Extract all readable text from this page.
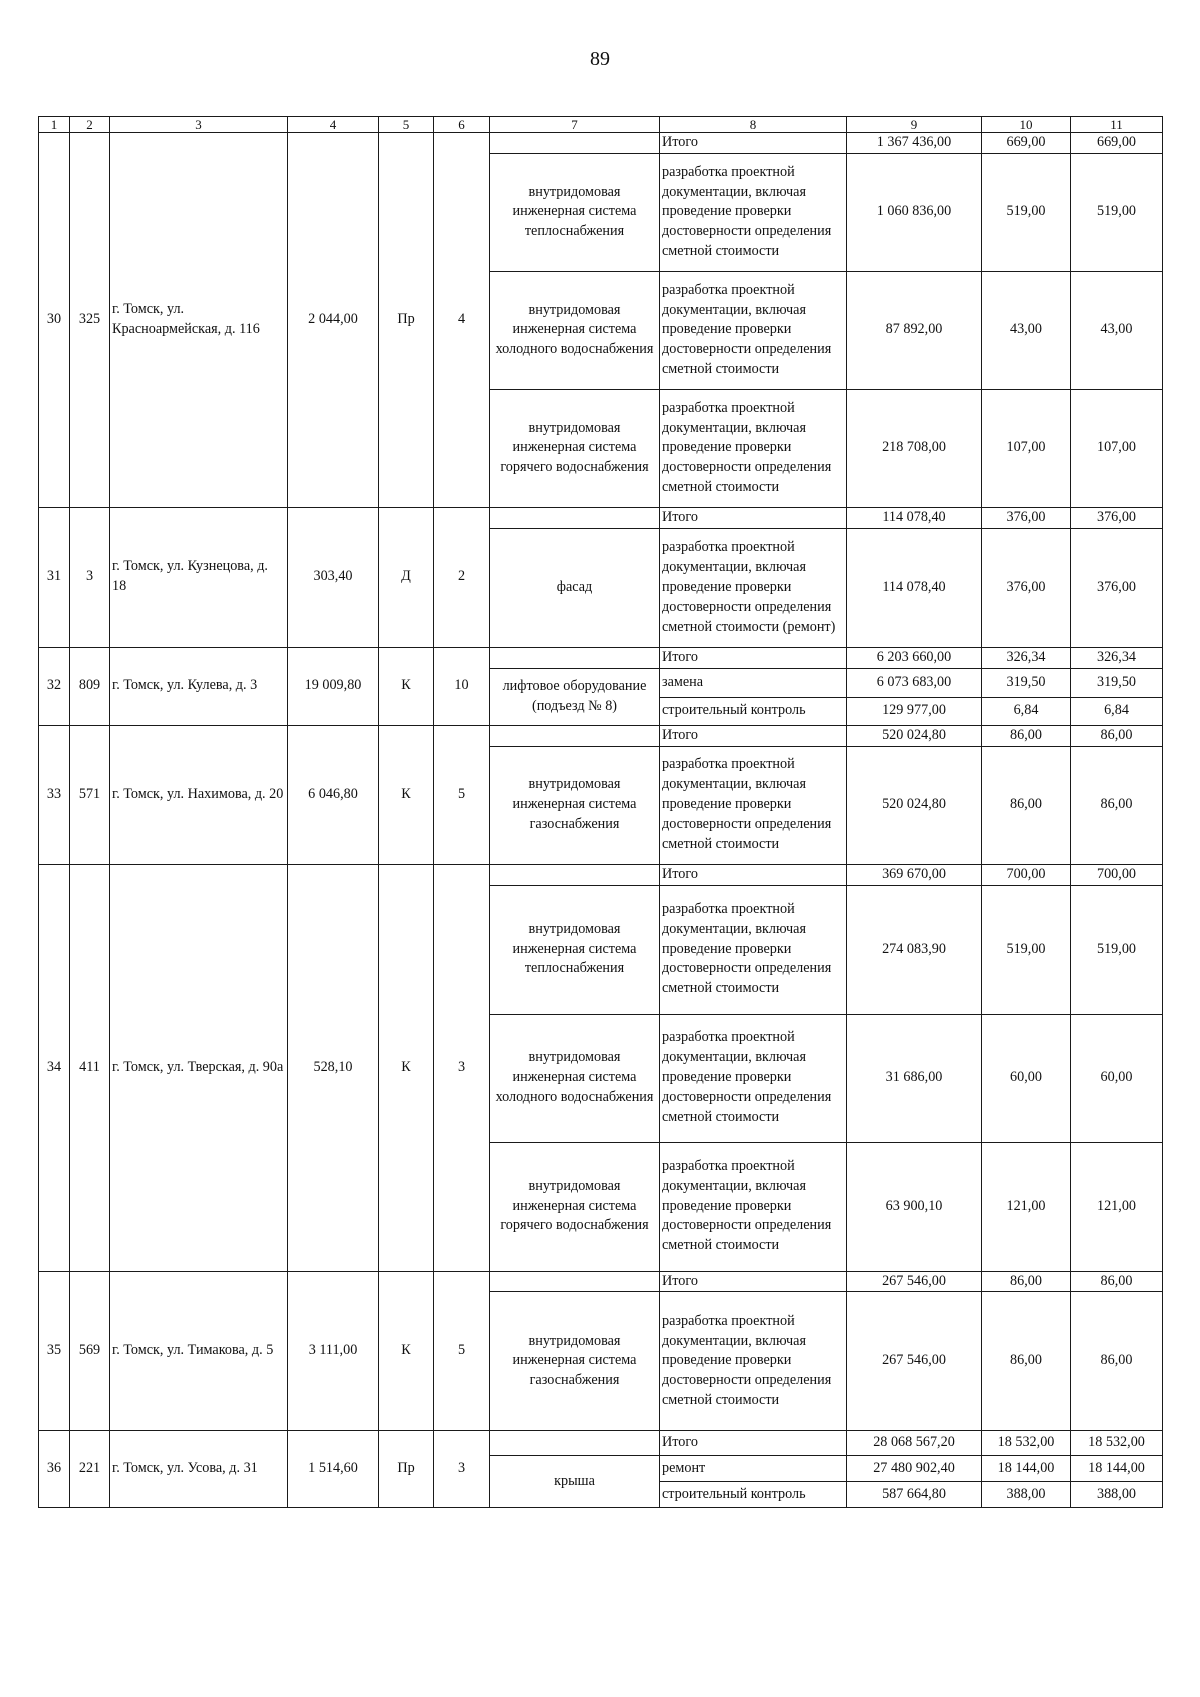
89
1	2	3	4	5	6	7	8	9	10	11
30	325	г. Томск, ул. Красноармейская, д. 116	2 044,00	Пр	4		Итого	1 367 436,00	669,00	669,00
						внутридомовая инженерная система теплоснабжения	разработка проектной документации, включая проведение проверки достоверности определения сметной стоимости	1 060 836,00	519,00	519,00
						внутридомовая инженерная система холодного водоснабжения	разработка проектной документации, включая проведение проверки достоверности определения сметной стоимости	87 892,00	43,00	43,00
						внутридомовая инженерная система горячего водоснабжения	разработка проектной документации, включая проведение проверки достоверности определения сметной стоимости	218 708,00	107,00	107,00
31	3	г. Томск, ул. Кузнецова, д. 18	303,40	Д	2		Итого	114 078,40	376,00	376,00
						фасад	разработка проектной документации, включая проведение проверки достоверности определения сметной стоимости (ремонт)	114 078,40	376,00	376,00
32	809	г. Томск, ул. Кулева, д. 3	19 009,80	К	10		Итого	6 203 660,00	326,34	326,34
						лифтовое оборудование (подъезд № 8)	замена	6 073 683,00	319,50	319,50
							строительный контроль	129 977,00	6,84	6,84
33	571	г. Томск, ул. Нахимова, д. 20	6 046,80	К	5		Итого	520 024,80	86,00	86,00
						внутридомовая инженерная система газоснабжения	разработка проектной документации, включая проведение проверки достоверности определения сметной стоимости	520 024,80	86,00	86,00
34	411	г. Томск, ул. Тверская, д. 90а	528,10	К	3		Итого	369 670,00	700,00	700,00
						внутридомовая инженерная система теплоснабжения	разработка проектной документации, включая проведение проверки достоверности определения сметной стоимости	274 083,90	519,00	519,00
						внутридомовая инженерная система холодного водоснабжения	разработка проектной документации, включая проведение проверки достоверности определения сметной стоимости	31 686,00	60,00	60,00
						внутридомовая инженерная система горячего водоснабжения	разработка проектной документации, включая проведение проверки достоверности определения сметной стоимости	63 900,10	121,00	121,00
35	569	г. Томск, ул. Тимакова, д. 5	3 111,00	К	5		Итого	267 546,00	86,00	86,00
						внутридомовая инженерная система газоснабжения	разработка проектной документации, включая проведение проверки достоверности определения сметной стоимости	267 546,00	86,00	86,00
36	221	г. Томск, ул. Усова, д. 31	1 514,60	Пр	3		Итого	28 068 567,20	18 532,00	18 532,00
						крыша	ремонт	27 480 902,40	18 144,00	18 144,00
							строительный контроль	587 664,80	388,00	388,00
